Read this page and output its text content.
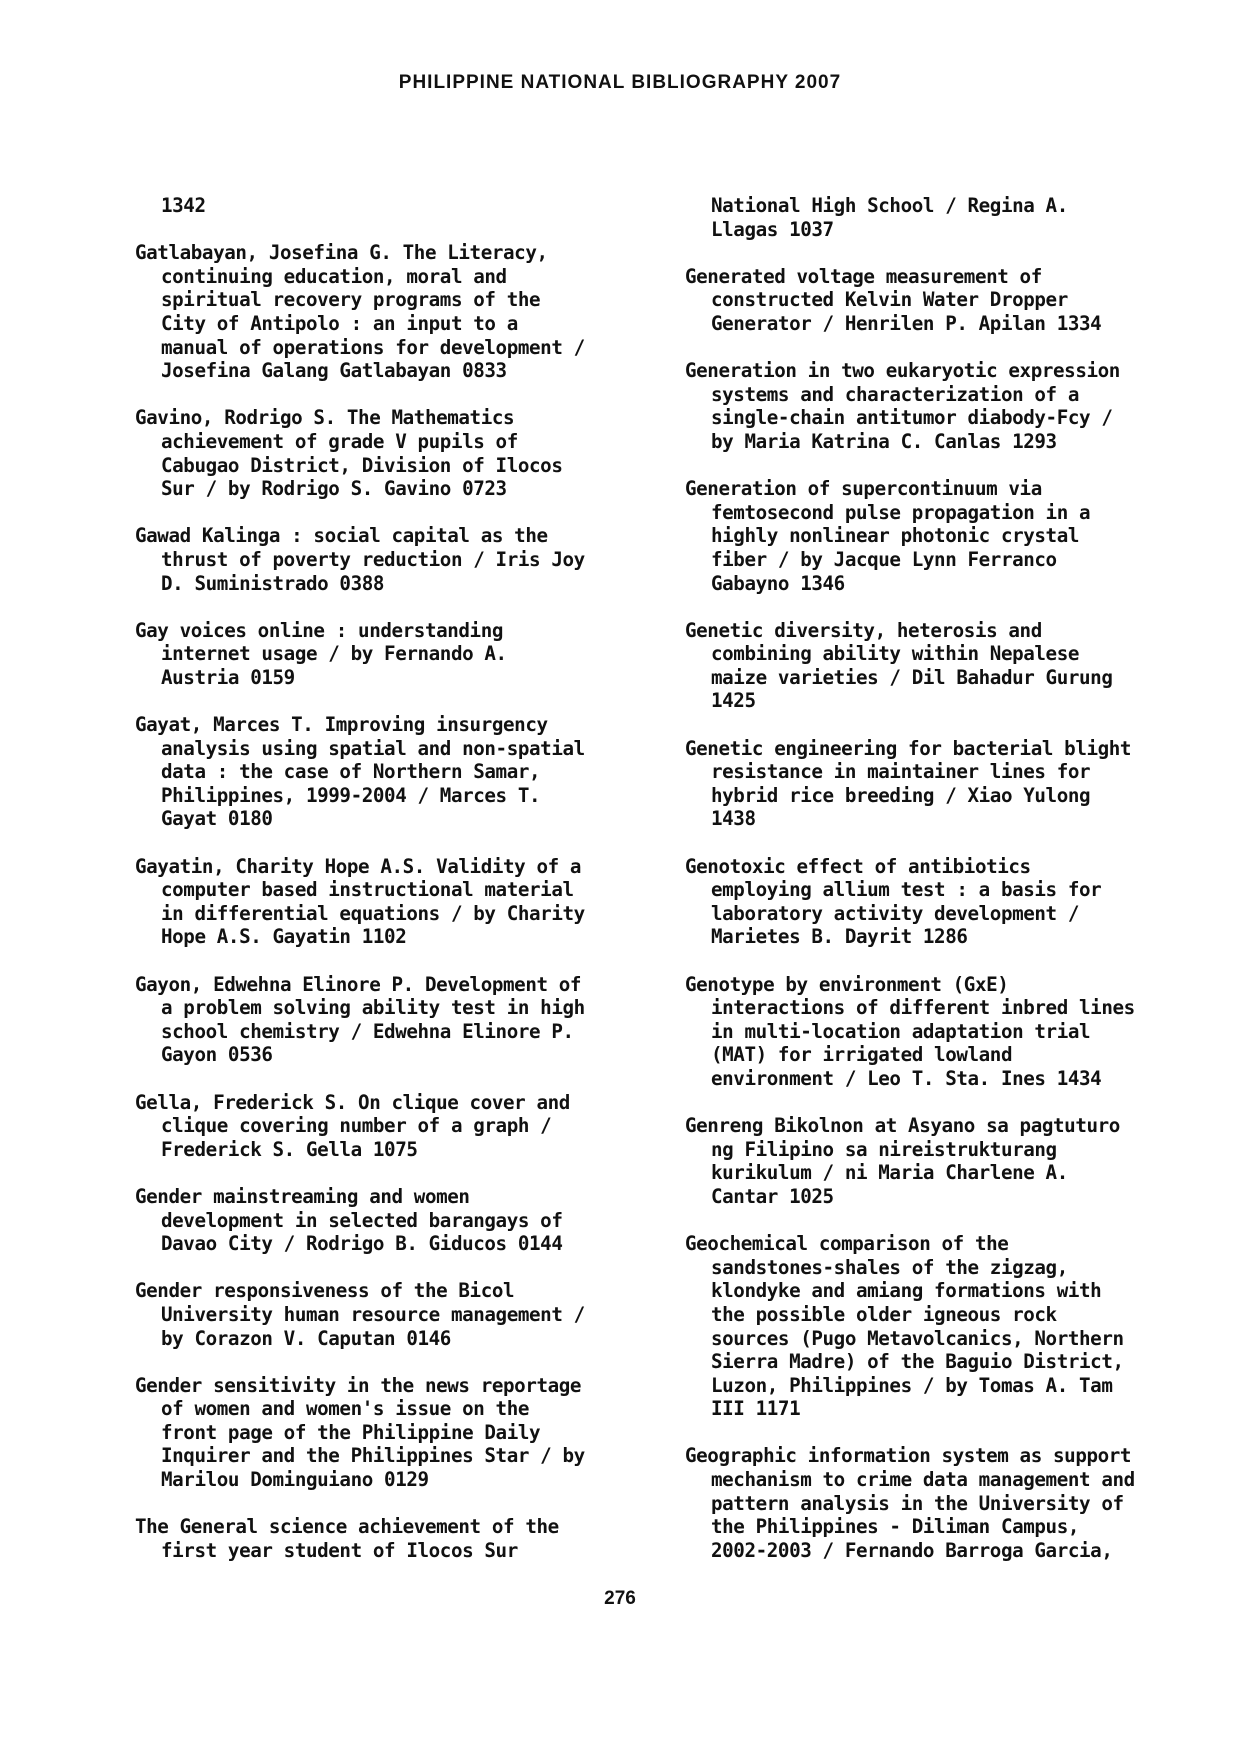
PHILIPPINE NATIONAL BIBLIOGRAPHY 2007
1342
Gatlabayan, Josefina G. The Literacy,
continuing education, moral and
spiritual recovery programs of the
City of Antipolo : an input to a
manual of operations for development /
Josefina Galang Gatlabayan 0833
Gavino, Rodrigo S. The Mathematics
achievement of grade V pupils of
Cabugao District, Division of Ilocos
Sur / by Rodrigo S. Gavino 0723
Gawad Kalinga : social capital as the
thrust of poverty reduction / Iris Joy
D. Suministrado 0388
Gay voices online : understanding
internet usage / by Fernando A.
Austria 0159
Gayat, Marces T. Improving insurgency
analysis using spatial and non-spatial
data : the case of Northern Samar,
Philippines, 1999-2004 / Marces T.
Gayat 0180
Gayatin, Charity Hope A.S. Validity of a
computer based instructional material
in differential equations / by Charity
Hope A.S. Gayatin 1102
Gayon, Edwehna Elinore P. Development of
a problem solving ability test in high
school chemistry / Edwehna Elinore P.
Gayon 0536
Gella, Frederick S. On clique cover and
clique covering number of a graph /
Frederick S. Gella 1075
Gender mainstreaming and women
development in selected barangays of
Davao City / Rodrigo B. Giducos 0144
Gender responsiveness of the Bicol
University human resource management /
by Corazon V. Caputan 0146
Gender sensitivity in the news reportage
of women and women's issue on the
front page of the Philippine Daily
Inquirer and the Philippines Star / by
Marilou Dominguiano 0129
The General science achievement of the
first year student of Ilocos Sur
National High School / Regina A.
Llagas 1037
Generated voltage measurement of
constructed Kelvin Water Dropper
Generator / Henrilen P. Apilan 1334
Generation in two eukaryotic expression
systems and characterization of a
single-chain antitumor diabody-Fcy /
by Maria Katrina C. Canlas 1293
Generation of supercontinuum via
femtosecond pulse propagation in a
highly nonlinear photonic crystal
fiber / by Jacque Lynn Ferranco
Gabayno 1346
Genetic diversity, heterosis and
combining ability within Nepalese
maize varieties / Dil Bahadur Gurung
1425
Genetic engineering for bacterial blight
resistance in maintainer lines for
hybrid rice breeding / Xiao Yulong
1438
Genotoxic effect of antibiotics
employing allium test : a basis for
laboratory activity development /
Marietes B. Dayrit 1286
Genotype by environment (GxE)
interactions of different inbred lines
in multi-location adaptation trial
(MAT) for irrigated lowland
environment / Leo T. Sta. Ines 1434
Genreng Bikolnon at Asyano sa pagtuturo
ng Filipino sa nireistrukturang
kurikulum / ni Maria Charlene A.
Cantar 1025
Geochemical comparison of the
sandstones-shales of the zigzag,
klondyke and amiang formations with
the possible older igneous rock
sources (Pugo Metavolcanics, Northern
Sierra Madre) of the Baguio District,
Luzon, Philippines / by Tomas A. Tam
III 1171
Geographic information system as support
mechanism to crime data management and
pattern analysis in the University of
the Philippines - Diliman Campus,
2002-2003 / Fernando Barroga Garcia,
276
